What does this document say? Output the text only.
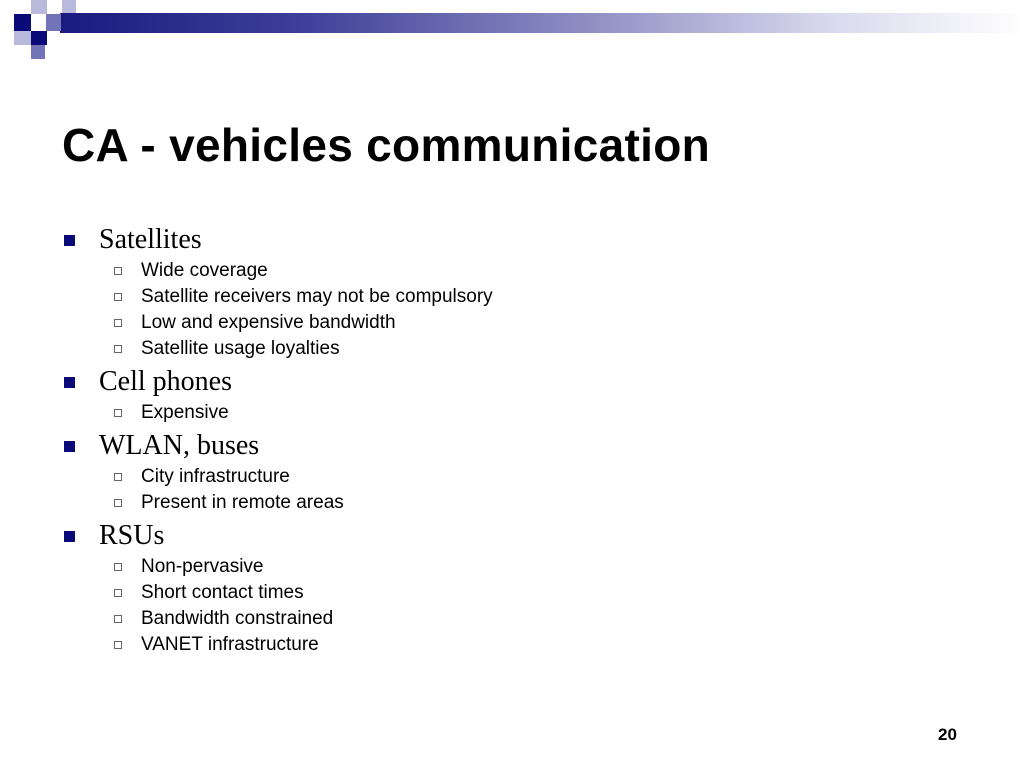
CA - vehicles communication
Satellites
Wide coverage
Satellite receivers may not be compulsory
Low and expensive bandwidth
Satellite usage loyalties
Cell phones
Expensive
WLAN, buses
City infrastructure
Present in remote areas
RSUs
Non-pervasive
Short contact times
Bandwidth constrained
VANET infrastructure
20
